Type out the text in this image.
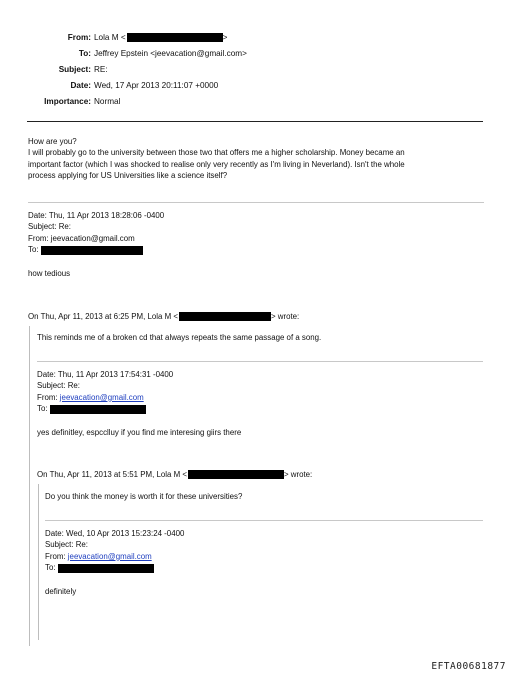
From: Lola M <	>
To: Jeffrey Epstein <jeevacation@gmail.com>
Subject: RE:
Date: Wed, 17 Apr 2013 20:11:07 +0000
Importance: Normal
How are you?
I will probably go to the university between those two that offers me a higher scholarship. Money became an
important factor (which I was shocked to realise only very recently as I'm living in Neverland). Isn't the whole
process applying for US Universities like a science itself?
Date: Thu, 11 Apr 2013 18:28:06 -0400
Subject: Re:
From: jeevacation@gmail.com
To:
how tedious
On Thu, Apr 11, 2013 at 6:25 PM, Lola M <	> wrote:
This reminds me of a broken cd that always repeats the same passage of a song.
Date: Thu, 11 Apr 2013 17:54:31 -0400
Subject: Re:
From: jeevacation@gmail.com
To:
yes definitley, espcclluy if you find me interesing giirs there
On Thu, Apr 11, 2013 at 5:51 PM, Lola M <	> wrote:
Do you think the money is worth it for these universities?
Date: Wed, 10 Apr 2013 15:23:24 -0400
Subject: Re:
From: jeevacation@gmail.com
To:
definitely
EFTA00681877
